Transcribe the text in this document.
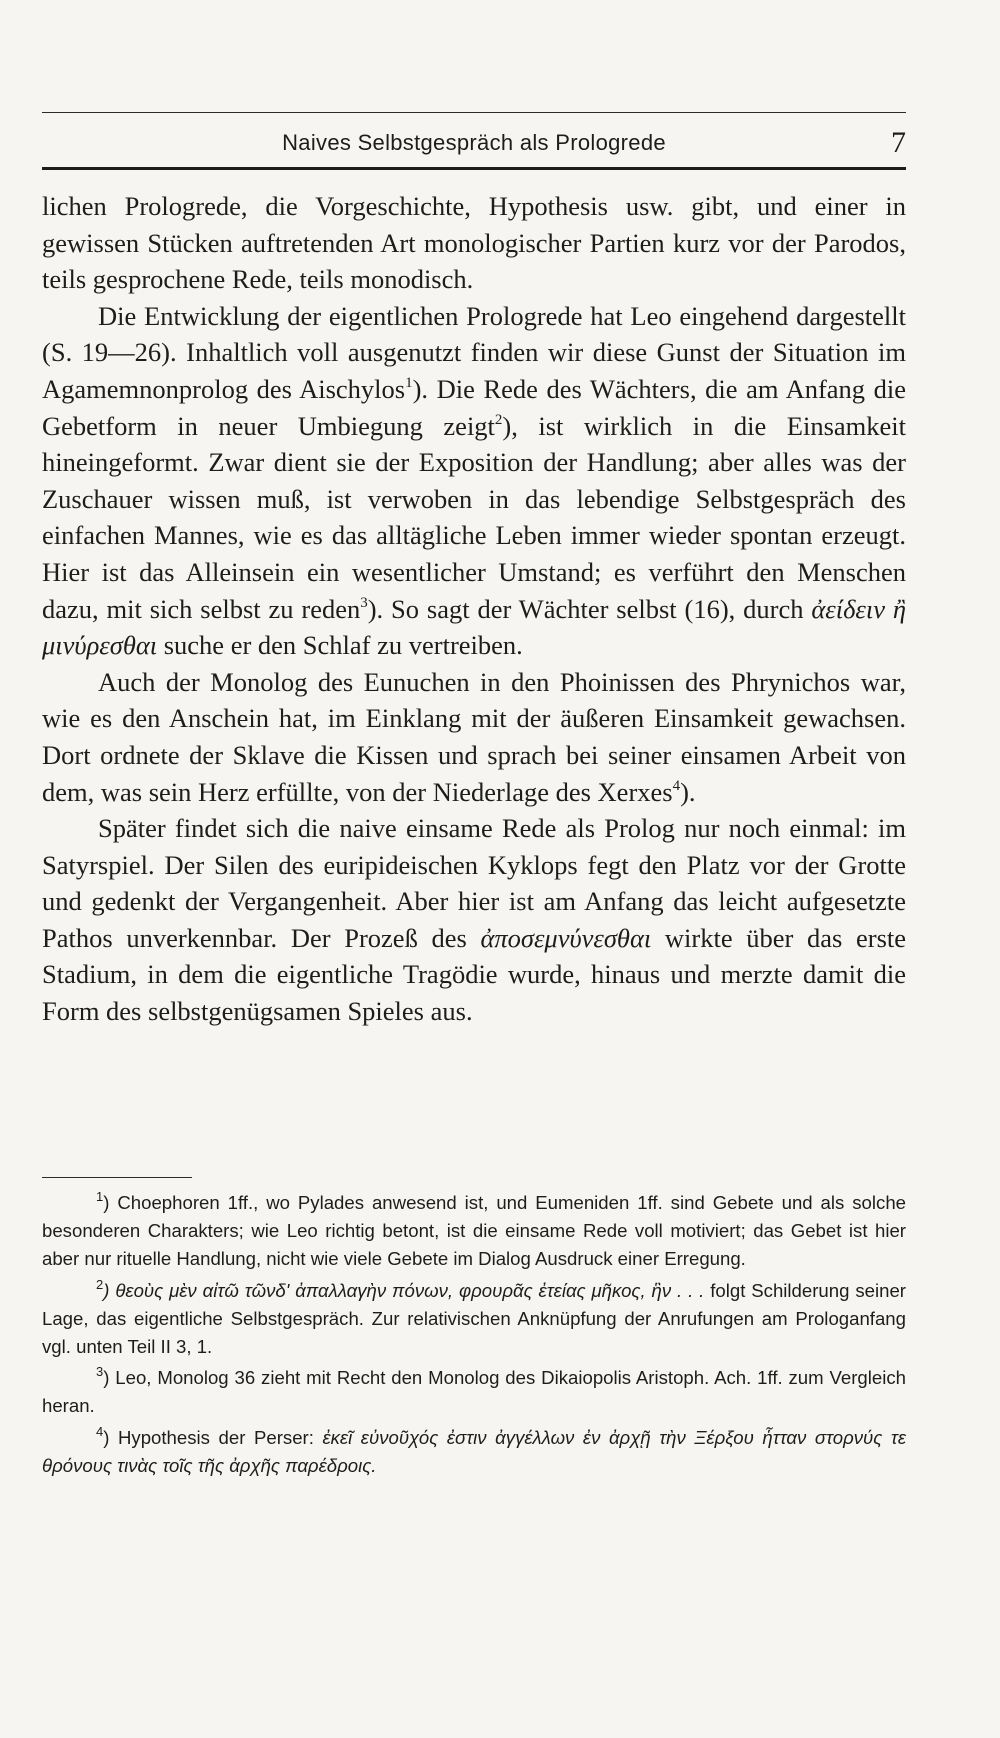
Naives Selbstgespräch als Prologrede	7

lichen Prologrede, die Vorgeschichte, Hypothesis usw. gibt, und einer in gewissen Stücken auftretenden Art monologischer Partien kurz vor der Parodos, teils gesprochene Rede, teils monodisch.

Die Entwicklung der eigentlichen Prologrede hat Leo eingehend dargestellt (S. 19—26). Inhaltlich voll ausgenutzt finden wir diese Gunst der Situation im Agamemnonprolog des Aischylos$^1$). Die Rede des Wächters, die am Anfang die Gebetform in neuer Umbiegung zeigt$^2$), ist wirklich in die Einsamkeit hineingeformt. Zwar dient sie der Exposition der Handlung; aber alles was der Zuschauer wissen muß, ist verwoben in das lebendige Selbstgespräch des einfachen Mannes, wie es das alltägliche Leben immer wieder spontan erzeugt. Hier ist das Alleinsein ein wesentlicher Umstand; es verführt den Menschen dazu, mit sich selbst zu reden$^3$). So sagt der Wächter selbst (16), durch ἀείδειν ἢ μινύρεσθαι suche er den Schlaf zu vertreiben.

Auch der Monolog des Eunuchen in den Phoinissen des Phrynichos war, wie es den Anschein hat, im Einklang mit der äußeren Einsamkeit gewachsen. Dort ordnete der Sklave die Kissen und sprach bei seiner einsamen Arbeit von dem, was sein Herz erfüllte, von der Niederlage des Xerxes$^4$).

Später findet sich die naive einsame Rede als Prolog nur noch einmal: im Satyrspiel. Der Silen des euripideischen Kyklops fegt den Platz vor der Grotte und gedenkt der Vergangenheit. Aber hier ist am Anfang das leicht aufgesetzte Pathos unverkennbar. Der Prozeß des ἀποσεμνύνεσθαι wirkte über das erste Stadium, in dem die eigentliche Tragödie wurde, hinaus und merzte damit die Form des selbstgenügsamen Spieles aus.

$^1$) Choephoren 1ff., wo Pylades anwesend ist, und Eumeniden 1ff. sind Gebete und als solche besonderen Charakters; wie Leo richtig betont, ist die einsame Rede voll motiviert; das Gebet ist hier aber nur rituelle Handlung, nicht wie viele Gebete im Dialog Ausdruck einer Erregung.

$^2$) θεοὺς μὲν αἰτῶ τῶνδ' ἀπαλλαγὴν πόνων, φρουρᾶς ἐτείας μῆκος, ἣν . . . folgt Schilderung seiner Lage, das eigentliche Selbstgespräch. Zur relativischen Anknüpfung der Anrufungen am Prologanfang vgl. unten Teil II 3, 1.

$^3$) Leo, Monolog 36 zieht mit Recht den Monolog des Dikaiopolis Aristoph. Ach. 1ff. zum Vergleich heran.

$^4$) Hypothesis der Perser: ἐκεῖ εὐνοῦχός ἐστιν ἀγγέλλων ἐν ἀρχῇ τὴν Ξέρξου ἧτταν στορνύς τε θρόνους τινὰς τοῖς τῆς ἀρχῆς παρέδροις.
